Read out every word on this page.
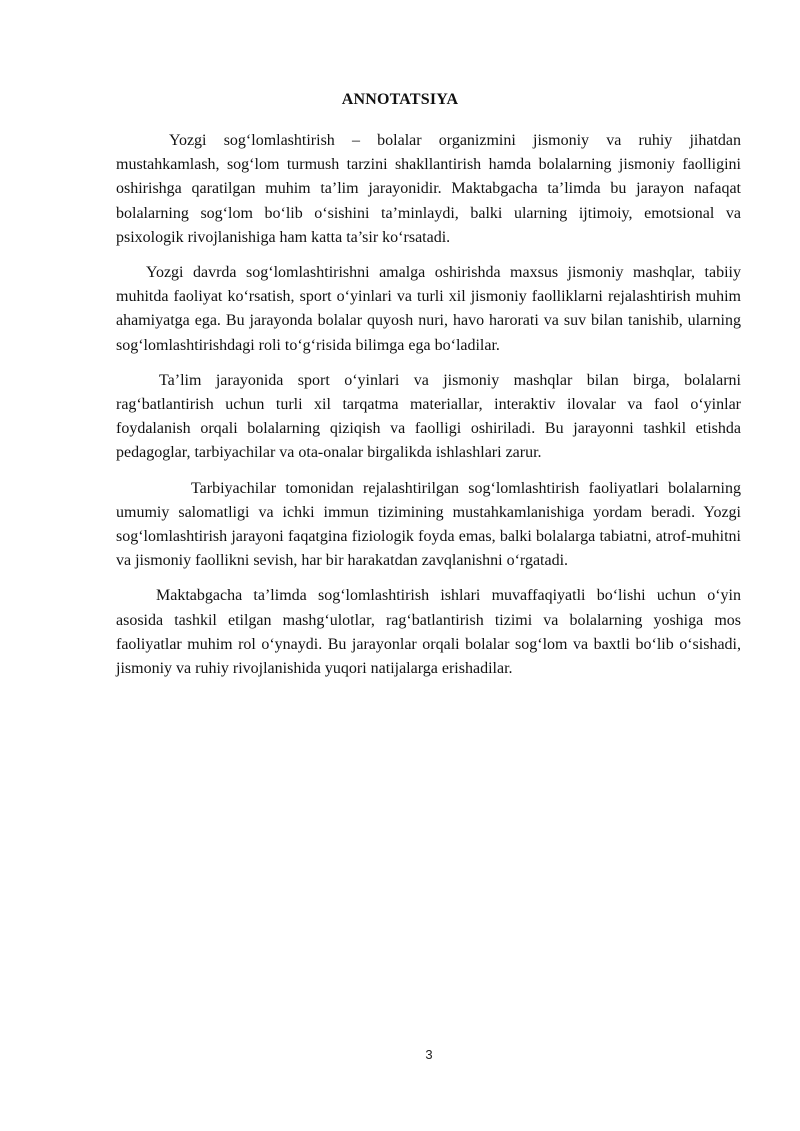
ANNOTATSIYA

Yozgi sog‘lomlashtirish – bolalar organizmini jismoniy va ruhiy jihatdan mustahkamlash, sog‘lom turmush tarzini shakllantirish hamda bolalarning jismoniy faolligini oshirishga qaratilgan muhim ta’lim jarayonidir. Maktabgacha ta’limda bu jarayon nafaqat bolalarning sog‘lom bo‘lib o‘sishini ta’minlaydi, balki ularning ijtimoiy, emotsional va psixologik rivojlanishiga ham katta ta’sir ko‘rsatadi.

Yozgi davrda sog‘lomlashtirishni amalga oshirishda maxsus jismoniy mashqlar, tabiiy muhitda faoliyat ko‘rsatish, sport o‘yinlari va turli xil jismoniy faolliklarni rejalashtirish muhim ahamiyatga ega. Bu jarayonda bolalar quyosh nuri, havo harorati va suv bilan tanishib, ularning sog‘lomlashtirishdagi roli to‘g‘risida bilimga ega bo‘ladilar.

Ta’lim jarayonida sport o‘yinlari va jismoniy mashqlar bilan birga, bolalarni rag‘batlantirish uchun turli xil tarqatma materiallar, interaktiv ilovalar va faol o‘yinlar foydalanish orqali bolalarning qiziqish va faolligi oshiriladi. Bu jarayonni tashkil etishda pedagoglar, tarbiyachilar va ota-onalar birgalikda ishlashlari zarur.

Tarbiyachilar tomonidan rejalashtirilgan sog‘lomlashtirish faoliyatlari bolalarning umumiy salomatligi va ichki immun tizimining mustahkamlanishiga yordam beradi. Yozgi sog‘lomlashtirish jarayoni faqatgina fiziologik foyda emas, balki bolalarga tabiatni, atrof-muhitni va jismoniy faollikni sevish, har bir harakatdan zavqlanishni o‘rgatadi.

Maktabgacha ta’limda sog‘lomlashtirish ishlari muvaffaqiyatli bo‘lishi uchun o‘yin asosida tashkil etilgan mashg‘ulotlar, rag‘batlantirish tizimi va bolalarning yoshiga mos faoliyatlar muhim rol o‘ynaydi. Bu jarayonlar orqali bolalar sog‘lom va baxtli bo‘lib o‘sishadi, jismoniy va ruhiy rivojlanishida yuqori natijalarga erishadilar.

3
